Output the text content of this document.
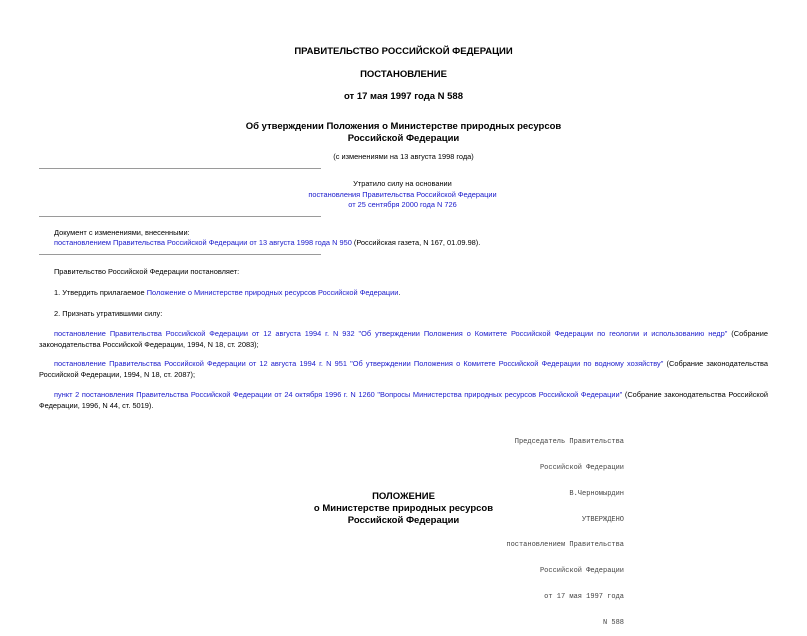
ПРАВИТЕЛЬСТВО РОССИЙСКОЙ ФЕДЕРАЦИИ
ПОСТАНОВЛЕНИЕ
от 17 мая 1997 года N 588
Об утверждении Положения о Министерстве природных ресурсов
Российской Федерации
(с изменениями на 13 августа 1998 года)
Утратило силу на основании
постановления Правительства Российской Федерации
от 25 сентября 2000 года N 726
Документ с изменениями, внесенными:
постановлением Правительства Российской Федерации от 13 августа 1998 года N 950 (Российская газета, N 167, 01.09.98).
Правительство Российской Федерации постановляет:
1. Утвердить прилагаемое Положение о Министерстве природных ресурсов Российской Федерации.
2. Признать утратившими силу:
постановление Правительства Российской Федерации от 12 августа 1994 г. N 932 "Об утверждении Положения о Комитете Российской Федерации по геологии и использованию недр" (Собрание законодательства Российской Федерации, 1994, N 18, ст. 2083);
постановление Правительства Российской Федерации от 12 августа 1994 г. N 951 "Об утверждении Положения о Комитете Российской Федерации по водному хозяйству" (Собрание законодательства Российской Федерации, 1994, N 18, ст. 2087);
пункт 2 постановления Правительства Российской Федерации от 24 октября 1996 г. N 1260 "Вопросы Министерства природных ресурсов Российской Федерации" (Собрание законодательства Российской Федерации, 1996, N 44, ст. 5019).

Председатель Правительства

Российской Федерации

В.Черномырдин

УТВЕРЖДЕНО

постановлением Правительства

Российской Федерации

от 17 мая 1997 года

N 588

ПОЛОЖЕНИЕ
о Министерстве природных ресурсов
Российской Федерации
